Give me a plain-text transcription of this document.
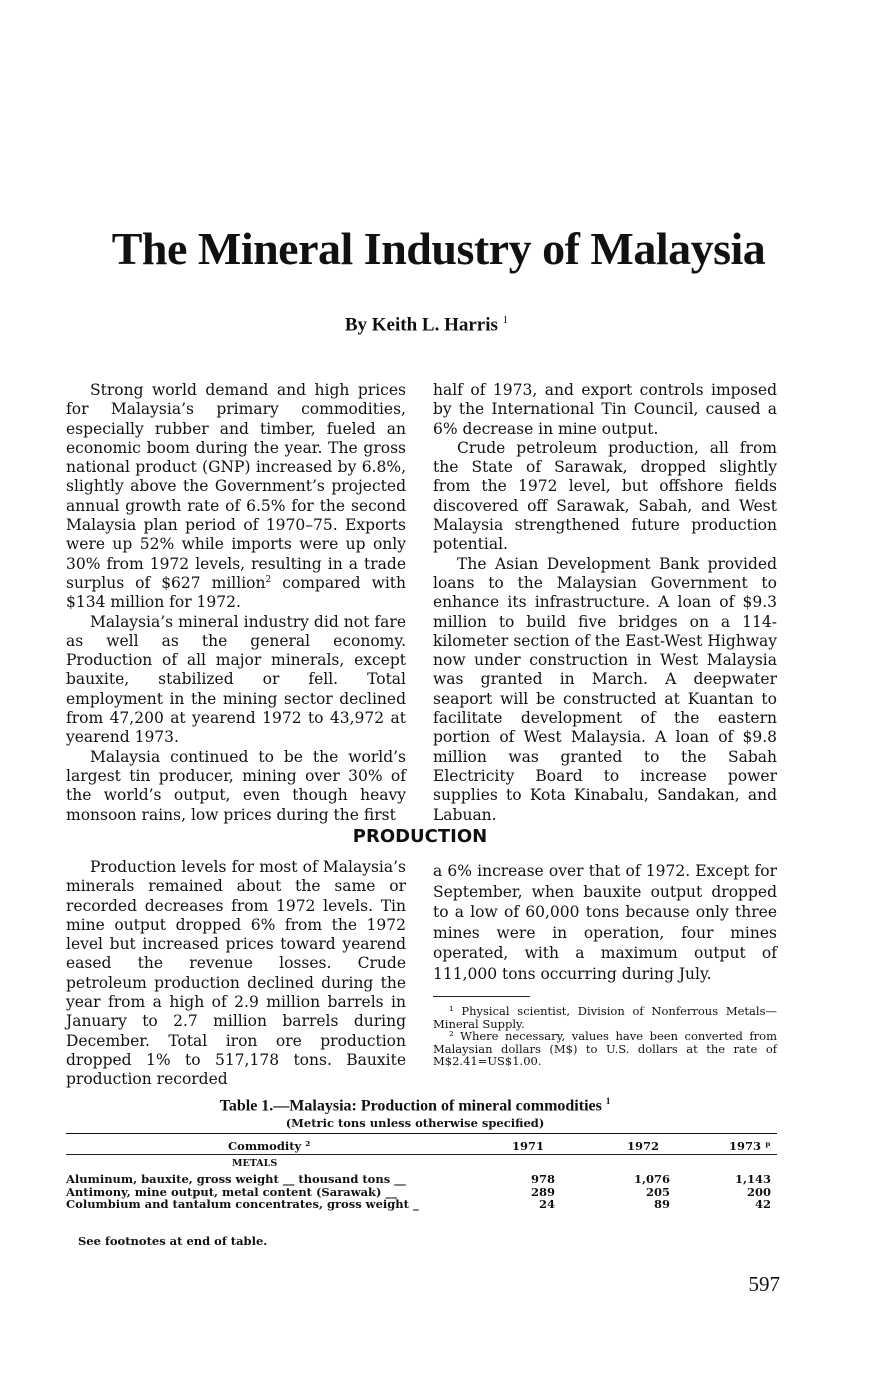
The Mineral Industry of Malaysia

By Keith L. Harris $^1$

Strong world demand and high prices for Malaysia’s primary commodities, especially rubber and timber, fueled an economic boom during the year. The gross national product (GNP) increased by 6.8%, slightly above the Government’s projected annual growth rate of 6.5% for the second Malaysia plan period of 1970–75. Exports were up 52% while imports were up only 30% from 1972 levels, resulting in a trade surplus of $627 million$^2$ compared with $134 million for 1972.

Malaysia’s mineral industry did not fare as well as the general economy. Production of all major minerals, except bauxite, stabilized or fell. Total employment in the mining sector declined from 47,200 at yearend 1972 to 43,972 at yearend 1973.

Malaysia continued to be the world’s largest tin producer, mining over 30% of the world’s output, even though heavy monsoon rains, low prices during the first

half of 1973, and export controls imposed by the International Tin Council, caused a 6% decrease in mine output.

Crude petroleum production, all from the State of Sarawak, dropped slightly from the 1972 level, but offshore fields discovered off Sarawak, Sabah, and West Malaysia strengthened future production potential.

The Asian Development Bank provided loans to the Malaysian Government to enhance its infrastructure. A loan of $9.3 million to build five bridges on a 114-kilometer section of the East-West Highway now under construction in West Malaysia was granted in March. A deepwater seaport will be constructed at Kuantan to facilitate development of the eastern portion of West Malaysia. A loan of $9.8 million was granted to the Sabah Electricity Board to increase power supplies to Kota Kinabalu, Sandakan, and Labuan.

PRODUCTION

Production levels for most of Malaysia’s minerals remained about the same or recorded decreases from 1972 levels. Tin mine output dropped 6% from the 1972 level but increased prices toward yearend eased the revenue losses. Crude petroleum production declined during the year from a high of 2.9 million barrels in January to 2.7 million barrels during December. Total iron ore production dropped 1% to 517,178 tons. Bauxite production recorded

a 6% increase over that of 1972. Except for September, when bauxite output dropped to a low of 60,000 tons because only three mines were in operation, four mines operated, with a maximum output of 111,000 tons occurring during July.

¹ Physical scientist, Division of Nonferrous Metals—Mineral Supply.

² Where necessary, values have been converted from Malaysian dollars (M$) to U.S. dollars at the rate of M$2.41=US$1.00.

Table 1.—Malaysia: Production of mineral commodities $^1$

(Metric tons unless otherwise specified)

Commodity ²	1971	1972	1973 ᵖ
METALS
Aluminum, bauxite, gross weight __ thousand tons __	978	1,076	1,143
Antimony, mine output, metal content (Sarawak) __	289	205	200
Columbium and tantalum concentrates, gross weight _	24	89	42

See footnotes at end of table.

597
